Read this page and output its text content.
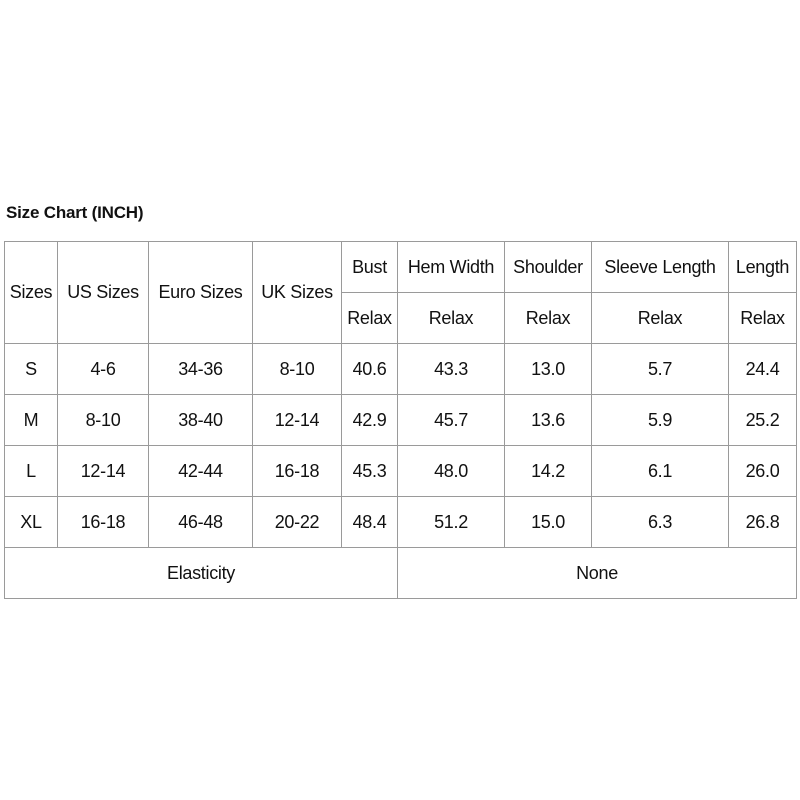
Size Chart (INCH)
Sizes	US Sizes	Euro Sizes	UK Sizes	Bust	Hem Width	Shoulder	Sleeve Length	Length
				Relax	Relax	Relax	Relax	Relax
S	4-6	34-36	8-10	40.6	43.3	13.0	5.7	24.4
M	8-10	38-40	12-14	42.9	45.7	13.6	5.9	25.2
L	12-14	42-44	16-18	45.3	48.0	14.2	6.1	26.0
XL	16-18	46-48	20-22	48.4	51.2	15.0	6.3	26.8
Elasticity					None			
